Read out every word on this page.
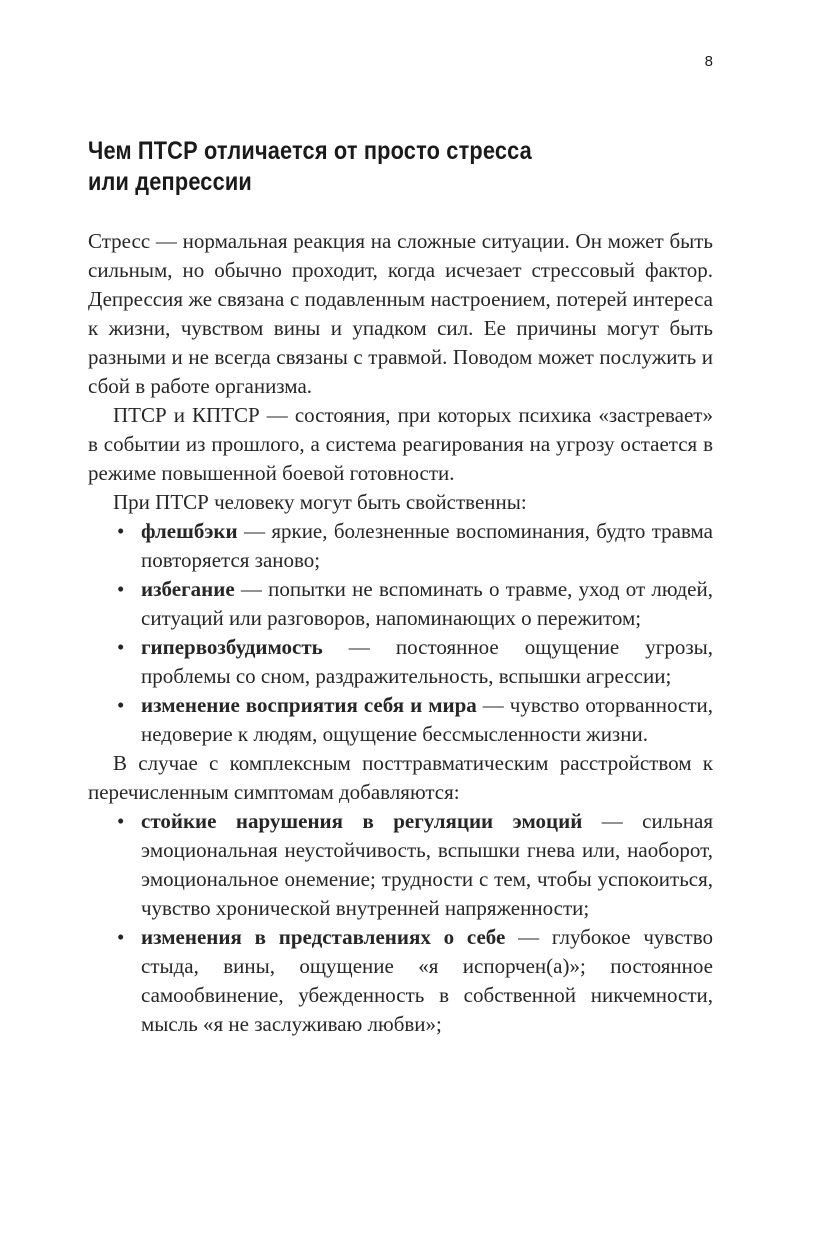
8
Чем ПТСР отличается от просто стресса
или депрессии

Стресс — нормальная реакция на сложные ситуации. Он может быть сильным, но обычно проходит, когда исчезает стрессовый фактор. Депрессия же связана с подавленным настроением, потерей интереса к жизни, чувством вины и упадком сил. Ее причины могут быть разными и не всегда связаны с травмой. Поводом может послужить и сбой в работе организма.

ПТСР и КПТСР — состояния, при которых психика «застревает» в событии из прошлого, а система реагирования на угрозу остается в режиме повышенной боевой готовности.

При ПТСР человеку могут быть свойственны:

• флешбэки — яркие, болезненные воспоминания, будто травма повторяется заново;
• избегание — попытки не вспоминать о травме, уход от людей, ситуаций или разговоров, напоминающих о пережитом;
• гипервозбудимость — постоянное ощущение угрозы, проблемы со сном, раздражительность, вспышки агрессии;
• изменение восприятия себя и мира — чувство оторванности, недоверие к людям, ощущение бессмысленности жизни.

В случае с комплексным посттравматическим расстройством к перечисленным симптомам добавляются:

• стойкие нарушения в регуляции эмоций — сильная эмоциональная неустойчивость, вспышки гнева или, наоборот, эмоциональное онемение; трудности с тем, чтобы успокоиться, чувство хронической внутренней напряженности;
• изменения в представлениях о себе — глубокое чувство стыда, вины, ощущение «я испорчен(а)»; постоянное самообвинение, убежденность в собственной никчемности, мысль «я не заслуживаю любви»;
